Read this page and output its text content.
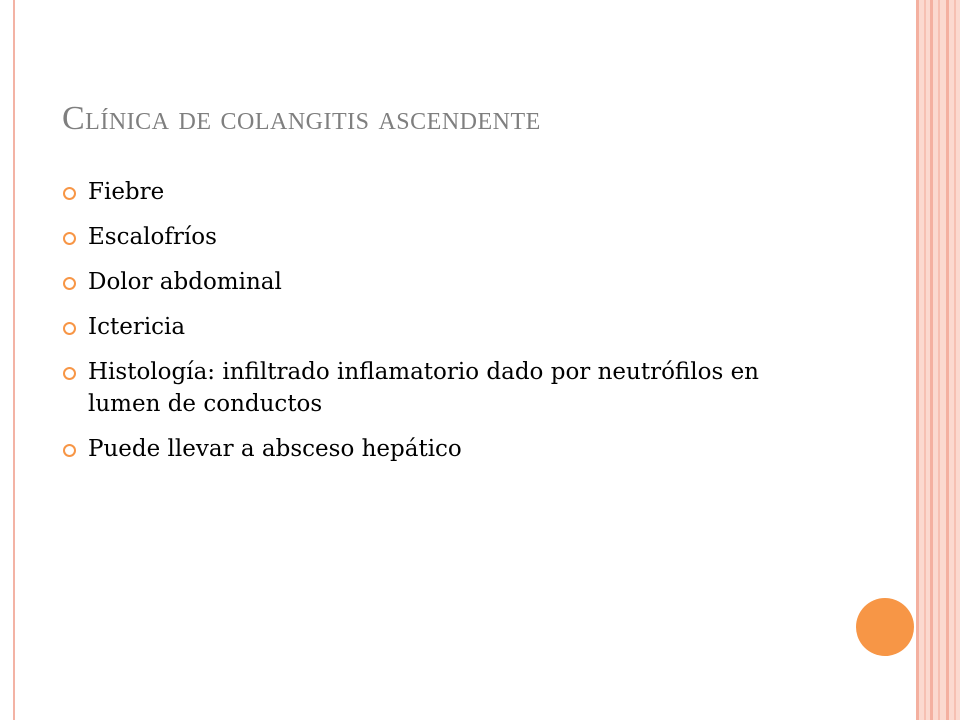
Clínica de colangitis ascendente
Fiebre
Escalofríos
Dolor abdominal
Ictericia
Histología: infiltrado inflamatorio dado por neutrófilos en lumen de conductos
Puede llevar a absceso hepático
